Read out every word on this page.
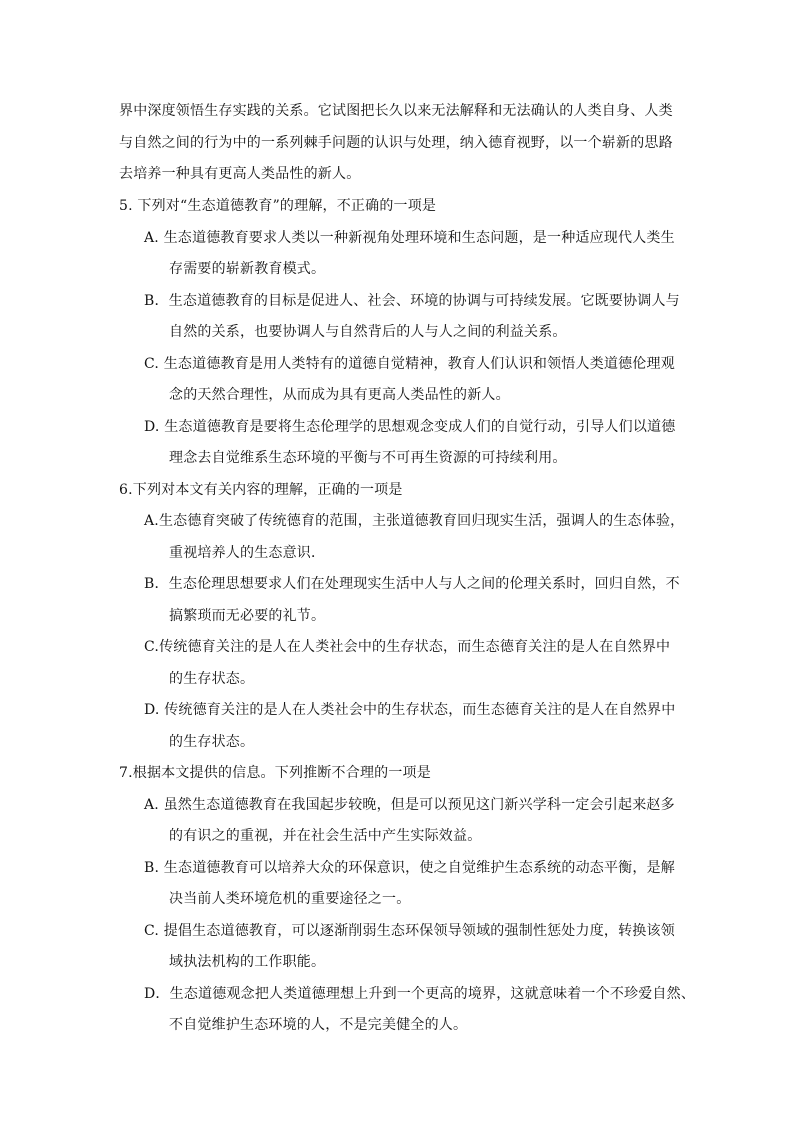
界中深度领悟生存实践的关系。它试图把长久以来无法解释和无法确认的人类自身、人类
与自然之间的行为中的一系列棘手问题的认识与处理，纳入德育视野，以一个崭新的思路
去培养一种具有更高人类品性的新人。
5. 下列对“生态道德教育”的理解，不正确的一项是
A. 生态道德教育要求人类以一种新视角处理环境和生态问题，是一种适应现代人类生
存需要的崭新教育模式。
B．生态道德教育的目标是促进人、社会、环境的协调与可持续发展。它既要协调人与
自然的关系，也要协调人与自然背后的人与人之间的利益关系。
C. 生态道德教育是用人类特有的道德自觉精神，教育人们认识和领悟人类道德伦理观
念的天然合理性，从而成为具有更高人类品性的新人。
D. 生态道德教育是要将生态伦理学的思想观念变成人们的自觉行动，引导人们以道德
理念去自觉维系生态环境的平衡与不可再生资源的可持续利用。
6.下列对本文有关内容的理解，正确的一项是
A.生态德育突破了传统德育的范围，主张道德教育回归现实生活，强调人的生态体验，
重视培养人的生态意识．
B．生态伦理思想要求人们在处理现实生活中人与人之间的伦理关系时，回归自然，不
搞繁琐而无必要的礼节。
C.传统德育关注的是人在人类社会中的生存状态，而生态德育关注的是人在自然界中
的生存状态。
D. 传统德育关注的是人在人类社会中的生存状态，而生态德育关注的是人在自然界中
的生存状态。
7.根据本文提供的信息。下列推断不合理的一项是
A. 虽然生态道德教育在我国起步较晚，但是可以预见这门新兴学科一定会引起来赵多
的有识之的重视，并在社会生活中产生实际效益。
B. 生态道德教育可以培养大众的环保意识，使之自觉维护生态系统的动态平衡，是解
决当前人类环境危机的重要途径之一。
C. 提倡生态道德教育，可以逐渐削弱生态环保领导领域的强制性惩处力度，转换该领
域执法机构的工作职能。
D．生态道德观念把人类道德理想上升到一个更高的境界，这就意味着一个不珍爱自然、
不自觉维护生态环境的人，不是完美健全的人。
